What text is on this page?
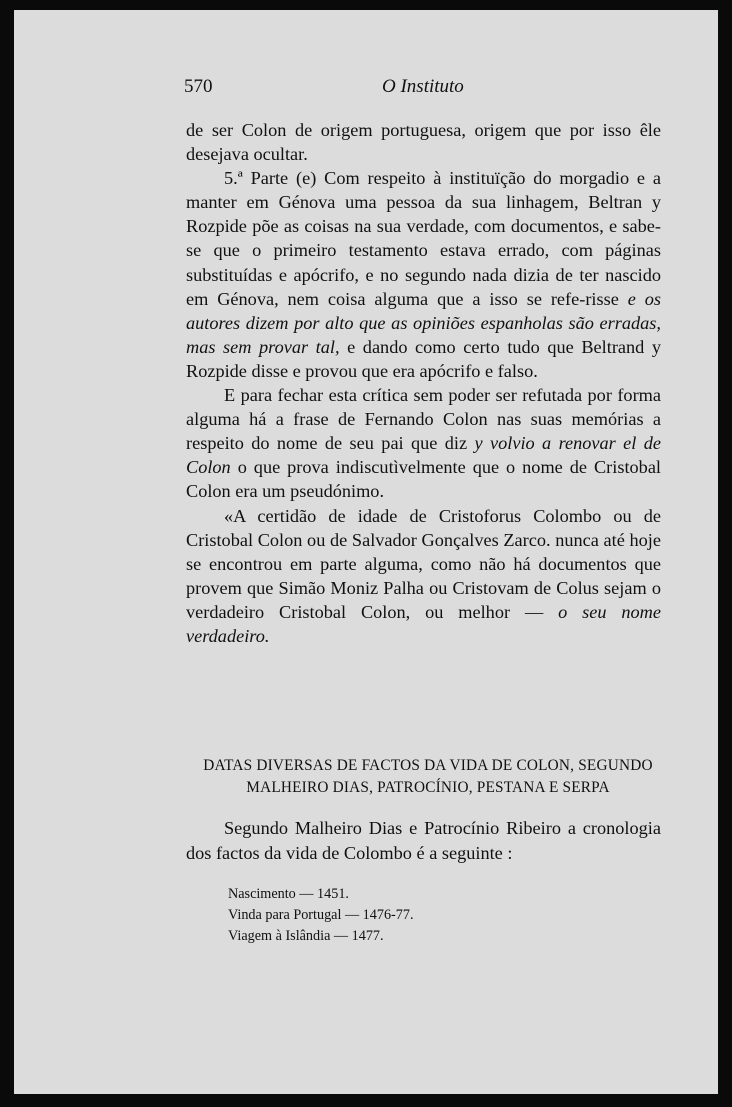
570	O Instituto

de ser Colon de origem portuguesa, origem que por isso êle desejava ocultar.

5.ª Parte (e) Com respeito à instituïção do morgadio e a manter em Génova uma pessoa da sua linhagem, Beltran y Rozpide põe as coisas na sua verdade, com documentos, e sabe-se que o primeiro testamento estava errado, com páginas substituídas e apócrifo, e no segundo nada dizia de ter nascido em Génova, nem coisa alguma que a isso se refe-risse e os autores dizem por alto que as opiniões espanholas são erradas, mas sem provar tal, e dando como certo tudo que Beltrand y Rozpide disse e provou que era apócrifo e falso.

E para fechar esta crítica sem poder ser refutada por forma alguma há a frase de Fernando Colon nas suas memórias a respeito do nome de seu pai que diz y volvio a renovar el de Colon o que prova indiscutìvelmente que o nome de Cristobal Colon era um pseudónimo.

«A certidão de idade de Cristoforus Colombo ou de Cristobal Colon ou de Salvador Gonçalves Zarco. nunca até hoje se encontrou em parte alguma, como não há documentos que provem que Simão Moniz Palha ou Cristovam de Colus sejam o verdadeiro Cristobal Colon, ou melhor — o seu nome verdadeiro.

DATAS DIVERSAS DE FACTOS DA VIDA DE COLON, SEGUNDO
MALHEIRO DIAS, PATROCÍNIO, PESTANA E SERPA

Segundo Malheiro Dias e Patrocínio Ribeiro a cronologia dos factos da vida de Colombo é a seguinte :

Nascimento — 1451.
Vinda para Portugal — 1476-77.
Viagem à Islândia — 1477.
